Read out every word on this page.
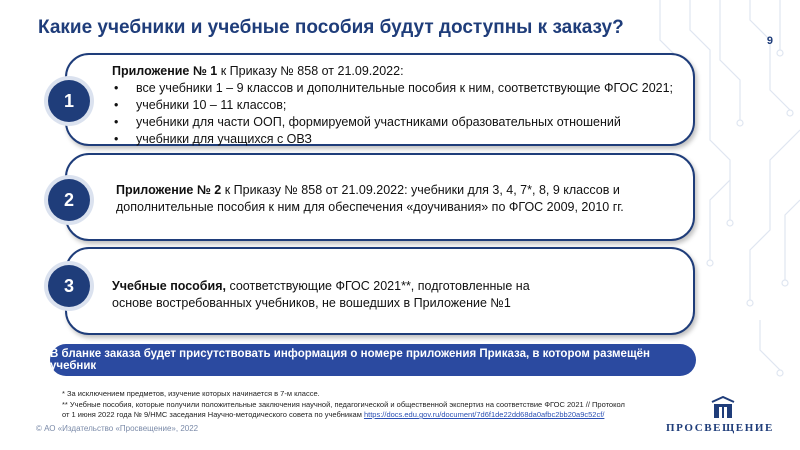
Какие учебники и учебные пособия будут доступны к заказу?
9
1
Приложение № 1 к Приказу № 858 от 21.09.2022:
• все учебники 1 – 9 классов и дополнительные пособия к ним, соответствующие ФГОС 2021;
• учебники 10 – 11 классов;
• учебники для части ООП, формируемой участниками образовательных отношений
• учебники для учащихся с ОВЗ
2	Приложение № 2 к Приказу № 858 от 21.09.2022: учебники для 3, 4, 7*, 8, 9 классов и дополнительные пособия к ним для обеспечения «доучивания» по ФГОС 2009, 2010 гг.
3	Учебные пособия, соответствующие ФГОС 2021**, подготовленные на основе востребованных учебников, не вошедших в Приложение №1
В бланке заказа будет присутствовать информация о номере приложения Приказа, в котором размещён учебник
* За исключением предметов, изучение которых начинается в 7-м классе.
** Учебные пособия, которые получили положительные заключения научной, педагогической и общественной экспертиз на соответствие ФГОС 2021 // Протокол
от 1 июня 2022 года № 9/НМС заседания Научно-методического совета по учебникам https://docs.edu.gov.ru/document/7d6f1de22dd68da0afbc2bb20a9c52cf/
© АО «Издательство «Просвещение», 2022	ПРОСВЕЩЕНИЕ
